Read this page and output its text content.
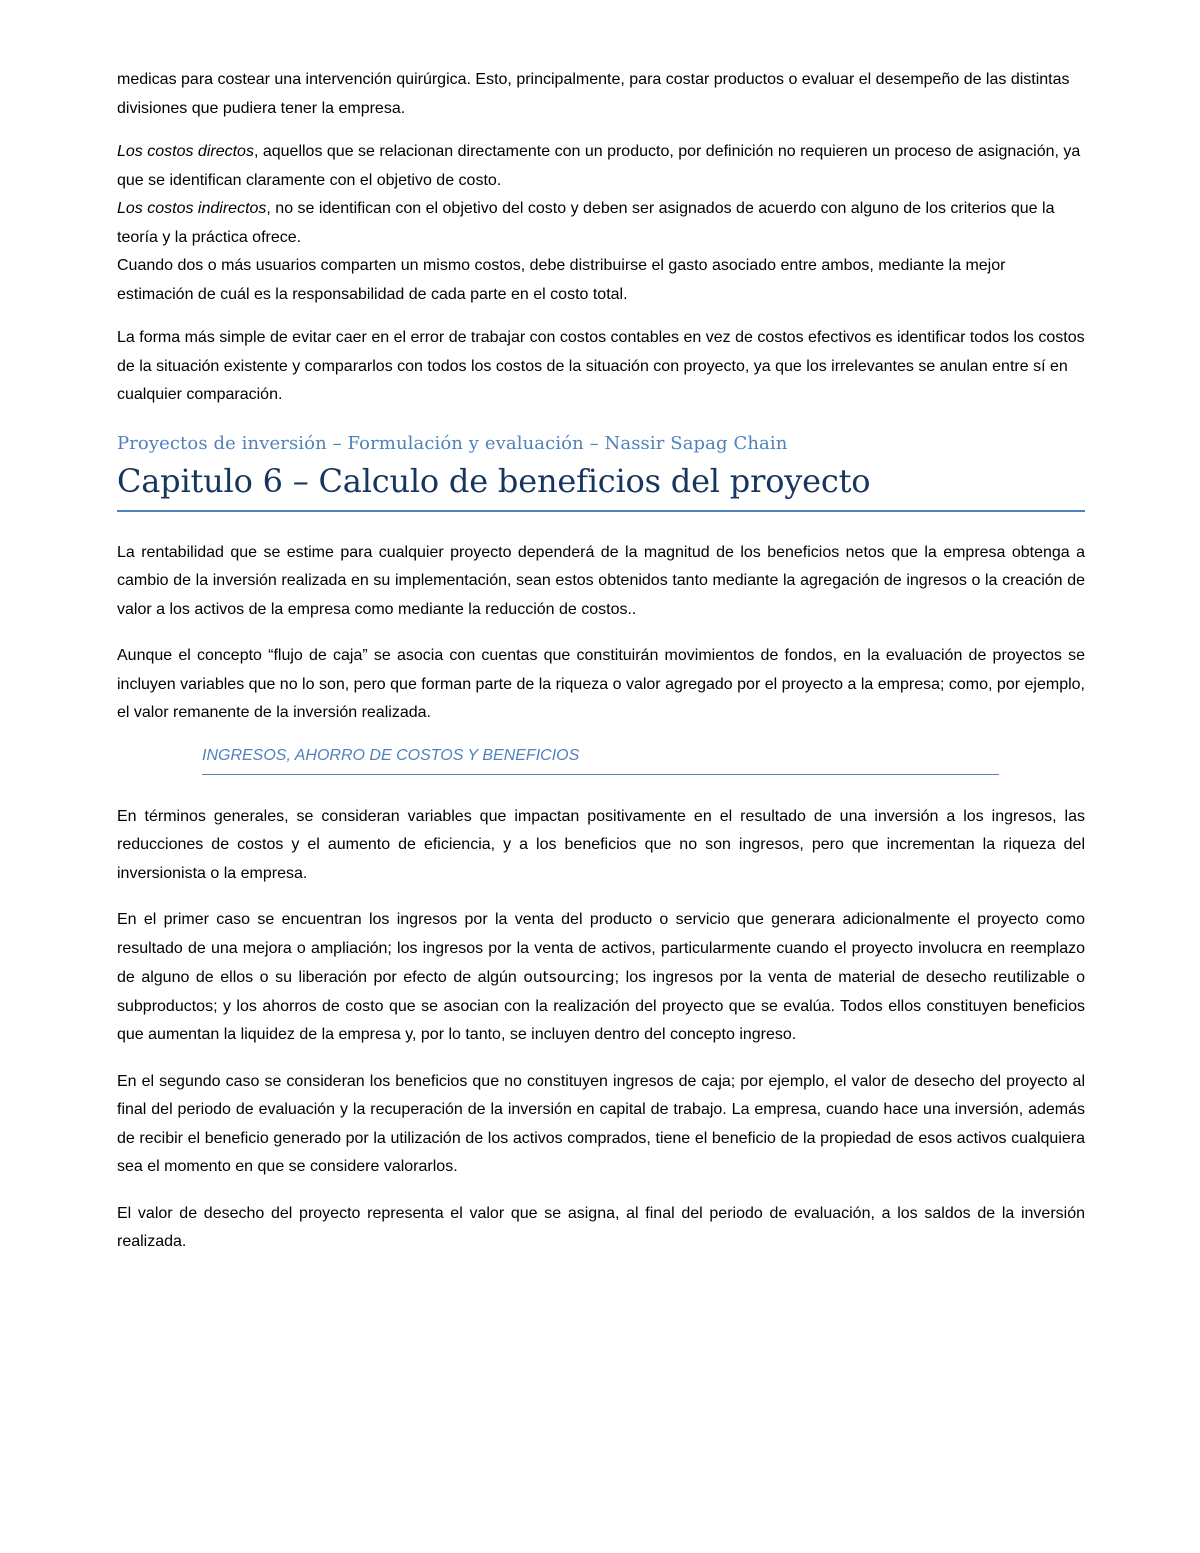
medicas para costear una intervención quirúrgica. Esto, principalmente, para costar productos o evaluar el desempeño de las distintas divisiones que pudiera tener la empresa.

Los costos directos, aquellos que se relacionan directamente con un producto, por definición no requieren un proceso de asignación, ya que se identifican claramente con el objetivo de costo.

Los costos indirectos, no se identifican con el objetivo del costo y deben ser asignados de acuerdo con alguno de los criterios que la teoría y la práctica ofrece.

Cuando dos o más usuarios comparten un mismo costos, debe distribuirse el gasto asociado entre ambos, mediante la mejor estimación de cuál es la responsabilidad de cada parte en el costo total.

La forma más simple de evitar caer en el error de trabajar con costos contables en vez de costos efectivos es identificar todos los costos de la situación existente y compararlos con todos los costos de la situación con proyecto, ya que los irrelevantes se anulan entre sí en cualquier comparación.

Proyectos de inversión – Formulación y evaluación – Nassir Sapag Chain
Capitulo 6 – Calculo de beneficios del proyecto

La rentabilidad que se estime para cualquier proyecto dependerá de la magnitud de los beneficios netos que la empresa obtenga a cambio de la inversión realizada en su implementación, sean estos obtenidos tanto mediante la agregación de ingresos o la creación de valor a los activos de la empresa como mediante la reducción de costos..

Aunque el concepto “flujo de caja” se asocia con cuentas que constituirán movimientos de fondos, en la evaluación de proyectos se incluyen variables que no lo son, pero que forman parte de la riqueza o valor agregado por el proyecto a la empresa; como, por ejemplo, el valor remanente de la inversión realizada.

INGRESOS, AHORRO DE COSTOS Y BENEFICIOS

En términos generales, se consideran variables que impactan positivamente en el resultado de una inversión a los ingresos, las reducciones de costos y el aumento de eficiencia, y a los beneficios que no son ingresos, pero que incrementan la riqueza del inversionista o la empresa.

En el primer caso se encuentran los ingresos por la venta del producto o servicio que generara adicionalmente el proyecto como resultado de una mejora o ampliación; los ingresos por la venta de activos, particularmente cuando el proyecto involucra en reemplazo de alguno de ellos o su liberación por efecto de algún outsourcing; los ingresos por la venta de material de desecho reutilizable o subproductos; y los ahorros de costo que se asocian con la realización del proyecto que se evalúa. Todos ellos constituyen beneficios que aumentan la liquidez de la empresa y, por lo tanto, se incluyen dentro del concepto ingreso.

En el segundo caso se consideran los beneficios que no constituyen ingresos de caja; por ejemplo, el valor de desecho del proyecto al final del periodo de evaluación y la recuperación de la inversión en capital de trabajo. La empresa, cuando hace una inversión, además de recibir el beneficio generado por la utilización de los activos comprados, tiene el beneficio de la propiedad de esos activos cualquiera sea el momento en que se considere valorarlos.

El valor de desecho del proyecto representa el valor que se asigna, al final del periodo de evaluación, a los saldos de la inversión realizada.
